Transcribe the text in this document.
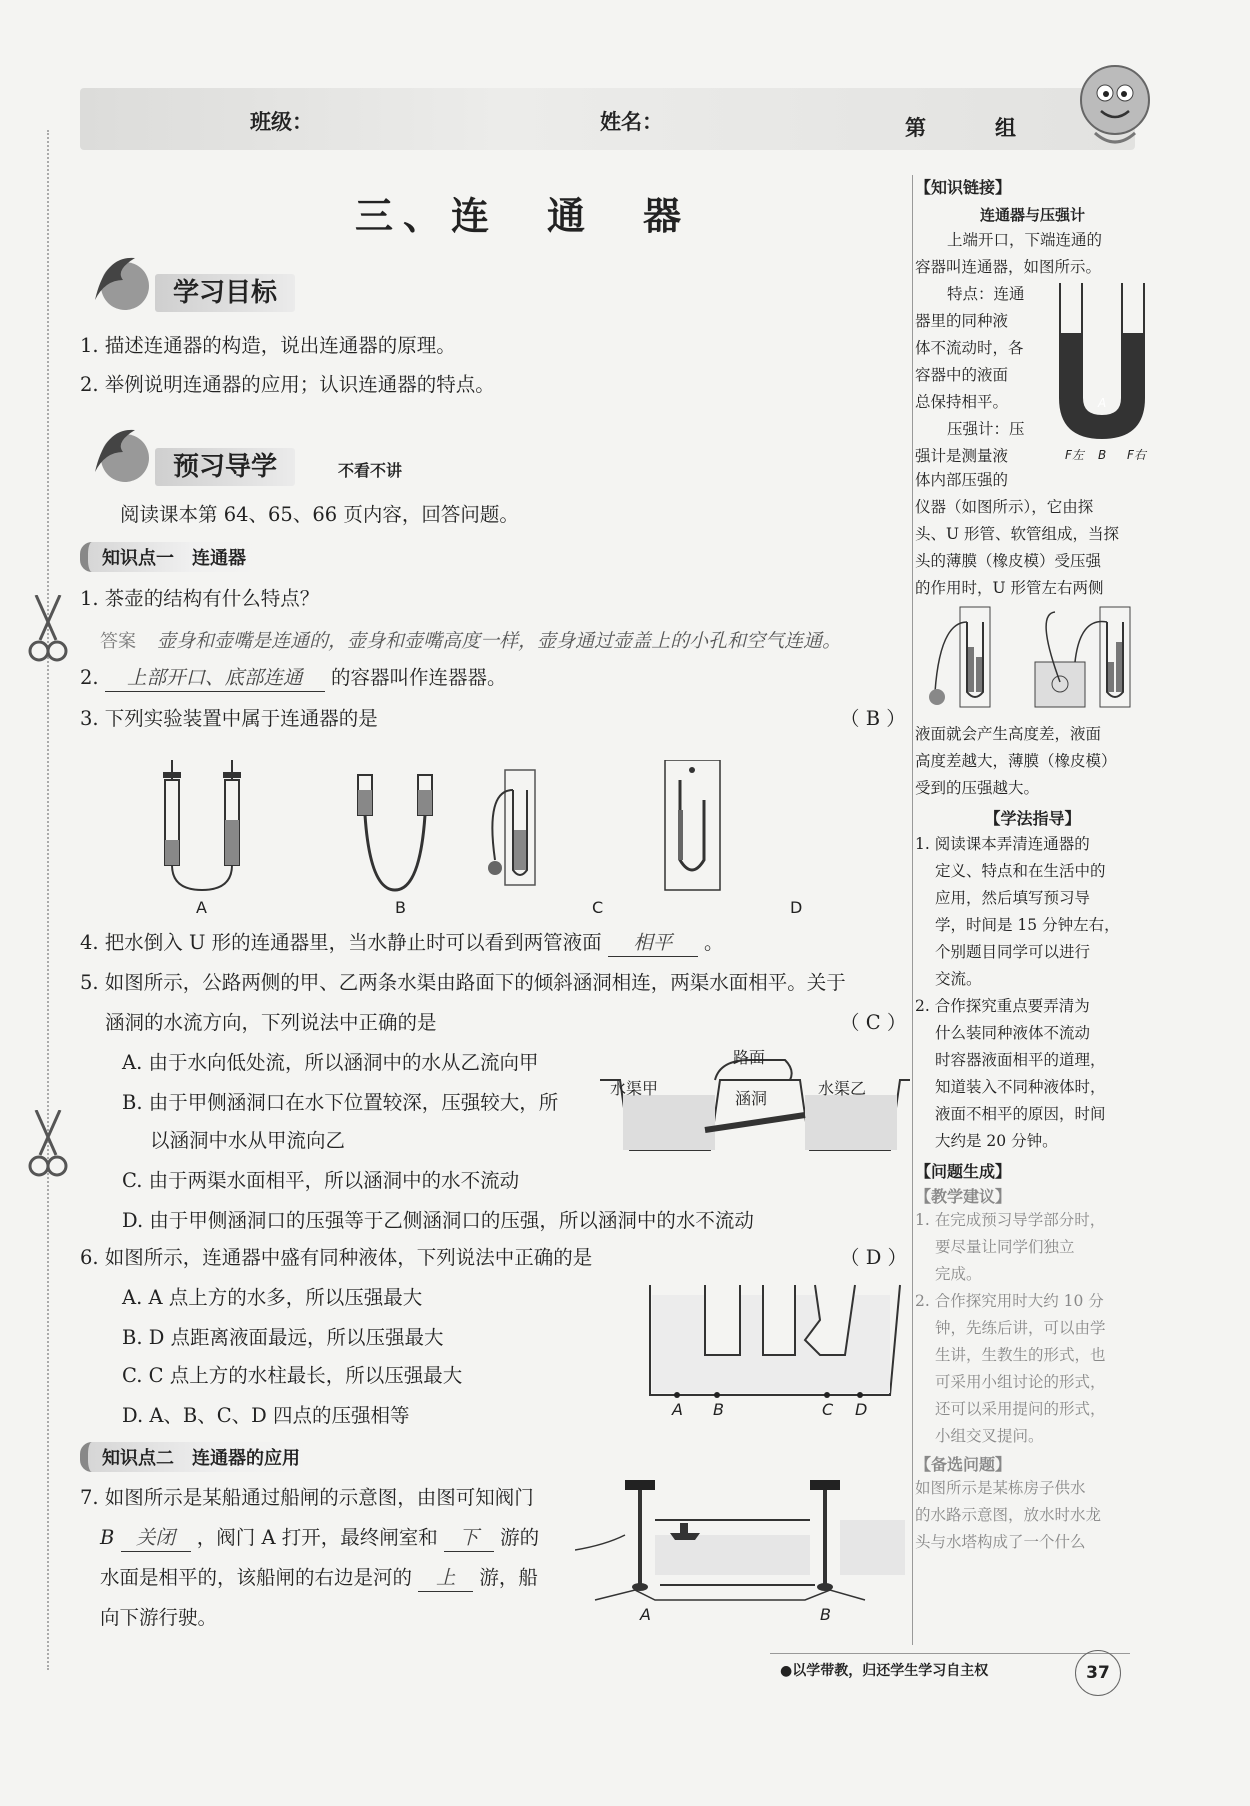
班级：	姓名：	第	组
三、连　通　器
学习目标
1. 描述连通器的构造，说出连通器的原理。
2. 举例说明连通器的应用；认识连通器的特点。
预习导学	不看不讲
阅读课本第 64、65、66 页内容，回答问题。
知识点一　连通器
1. 茶壶的结构有什么特点？
答案 壶身和壶嘴是连通的，壶身和壶嘴高度一样，壶身通过壶盖上的小孔和空气连通。
2. 上部开口、底部连通 的容器叫作连器器。
3. 下列实验装置中属于连通器的是	（ B ）
A	B	C	D
4. 把水倒入 U 形的连通器里，当水静止时可以看到两管液面 相平 。
5. 如图所示，公路两侧的甲、乙两条水渠由路面下的倾斜涵洞相连，两渠水面相平。关于
涵洞的水流方向，下列说法中正确的是	（ C ）
A. 由于水向低处流，所以涵洞中的水从乙流向甲
B. 由于甲侧涵洞口在水下位置较深，压强较大，所
以涵洞中水从甲流向乙
C. 由于两渠水面相平，所以涵洞中的水不流动
D. 由于甲侧涵洞口的压强等于乙侧涵洞口的压强，所以涵洞中的水不流动
路面
水渠甲
涵洞
水渠乙
6. 如图所示，连通器中盛有同种液体，下列说法中正确的是	（ D ）
A. A 点上方的水多，所以压强最大
B. D 点距离液面最远，所以压强最大
C. C 点上方的水柱最长，所以压强最大
D. A、B、C、D 四点的压强相等	A B	C D
知识点二　连通器的应用
7. 如图所示是某船通过船闸的示意图，由图可知阀门
B 关闭 ，阀门 A 打开，最终闸室和 下 游的
水面是相平的，该船闸的右边是河的 上 游，船
向下游行驶。	A	B
【知识链接】
连通器与压强计
上端开口，下端连通的
容器叫连通器，如图所示。
特点：连通
器里的同种液
体不流动时，各
容器中的液面
总保持相平。
压强计：压
强计是测量液
A
F左 B F右
体内部压强的
仪器（如图所示），它由探
头、U 形管、软管组成，当探
头的薄膜（橡皮模）受压强
的作用时，U 形管左右两侧
液面就会产生高度差，液面
高度差越大，薄膜（橡皮模）
受到的压强越大。
【学法指导】
1. 阅读课本弄清连通器的
定义、特点和在生活中的
应用，然后填写预习导
学，时间是 15 分钟左右，
个别题目同学可以进行
交流。
2. 合作探究重点要弄清为
什么装同种液体不流动
时容器液面相平的道理，
知道装入不同种液体时，
液面不相平的原因，时间
大约是 20 分钟。
【问题生成】
【教学建议】
1. 在完成预习导学部分时，
要尽量让同学们独立
完成。
2. 合作探究用时大约 10 分
钟，先练后讲，可以由学
生讲，生教生的形式，也
可采用小组讨论的形式，
还可以采用提问的形式，
小组交叉提问。
【备选问题】
如图所示是某栋房子供水
的水路示意图，放水时水龙
头与水塔构成了一个什么
●以学带教，归还学生学习自主权	37
